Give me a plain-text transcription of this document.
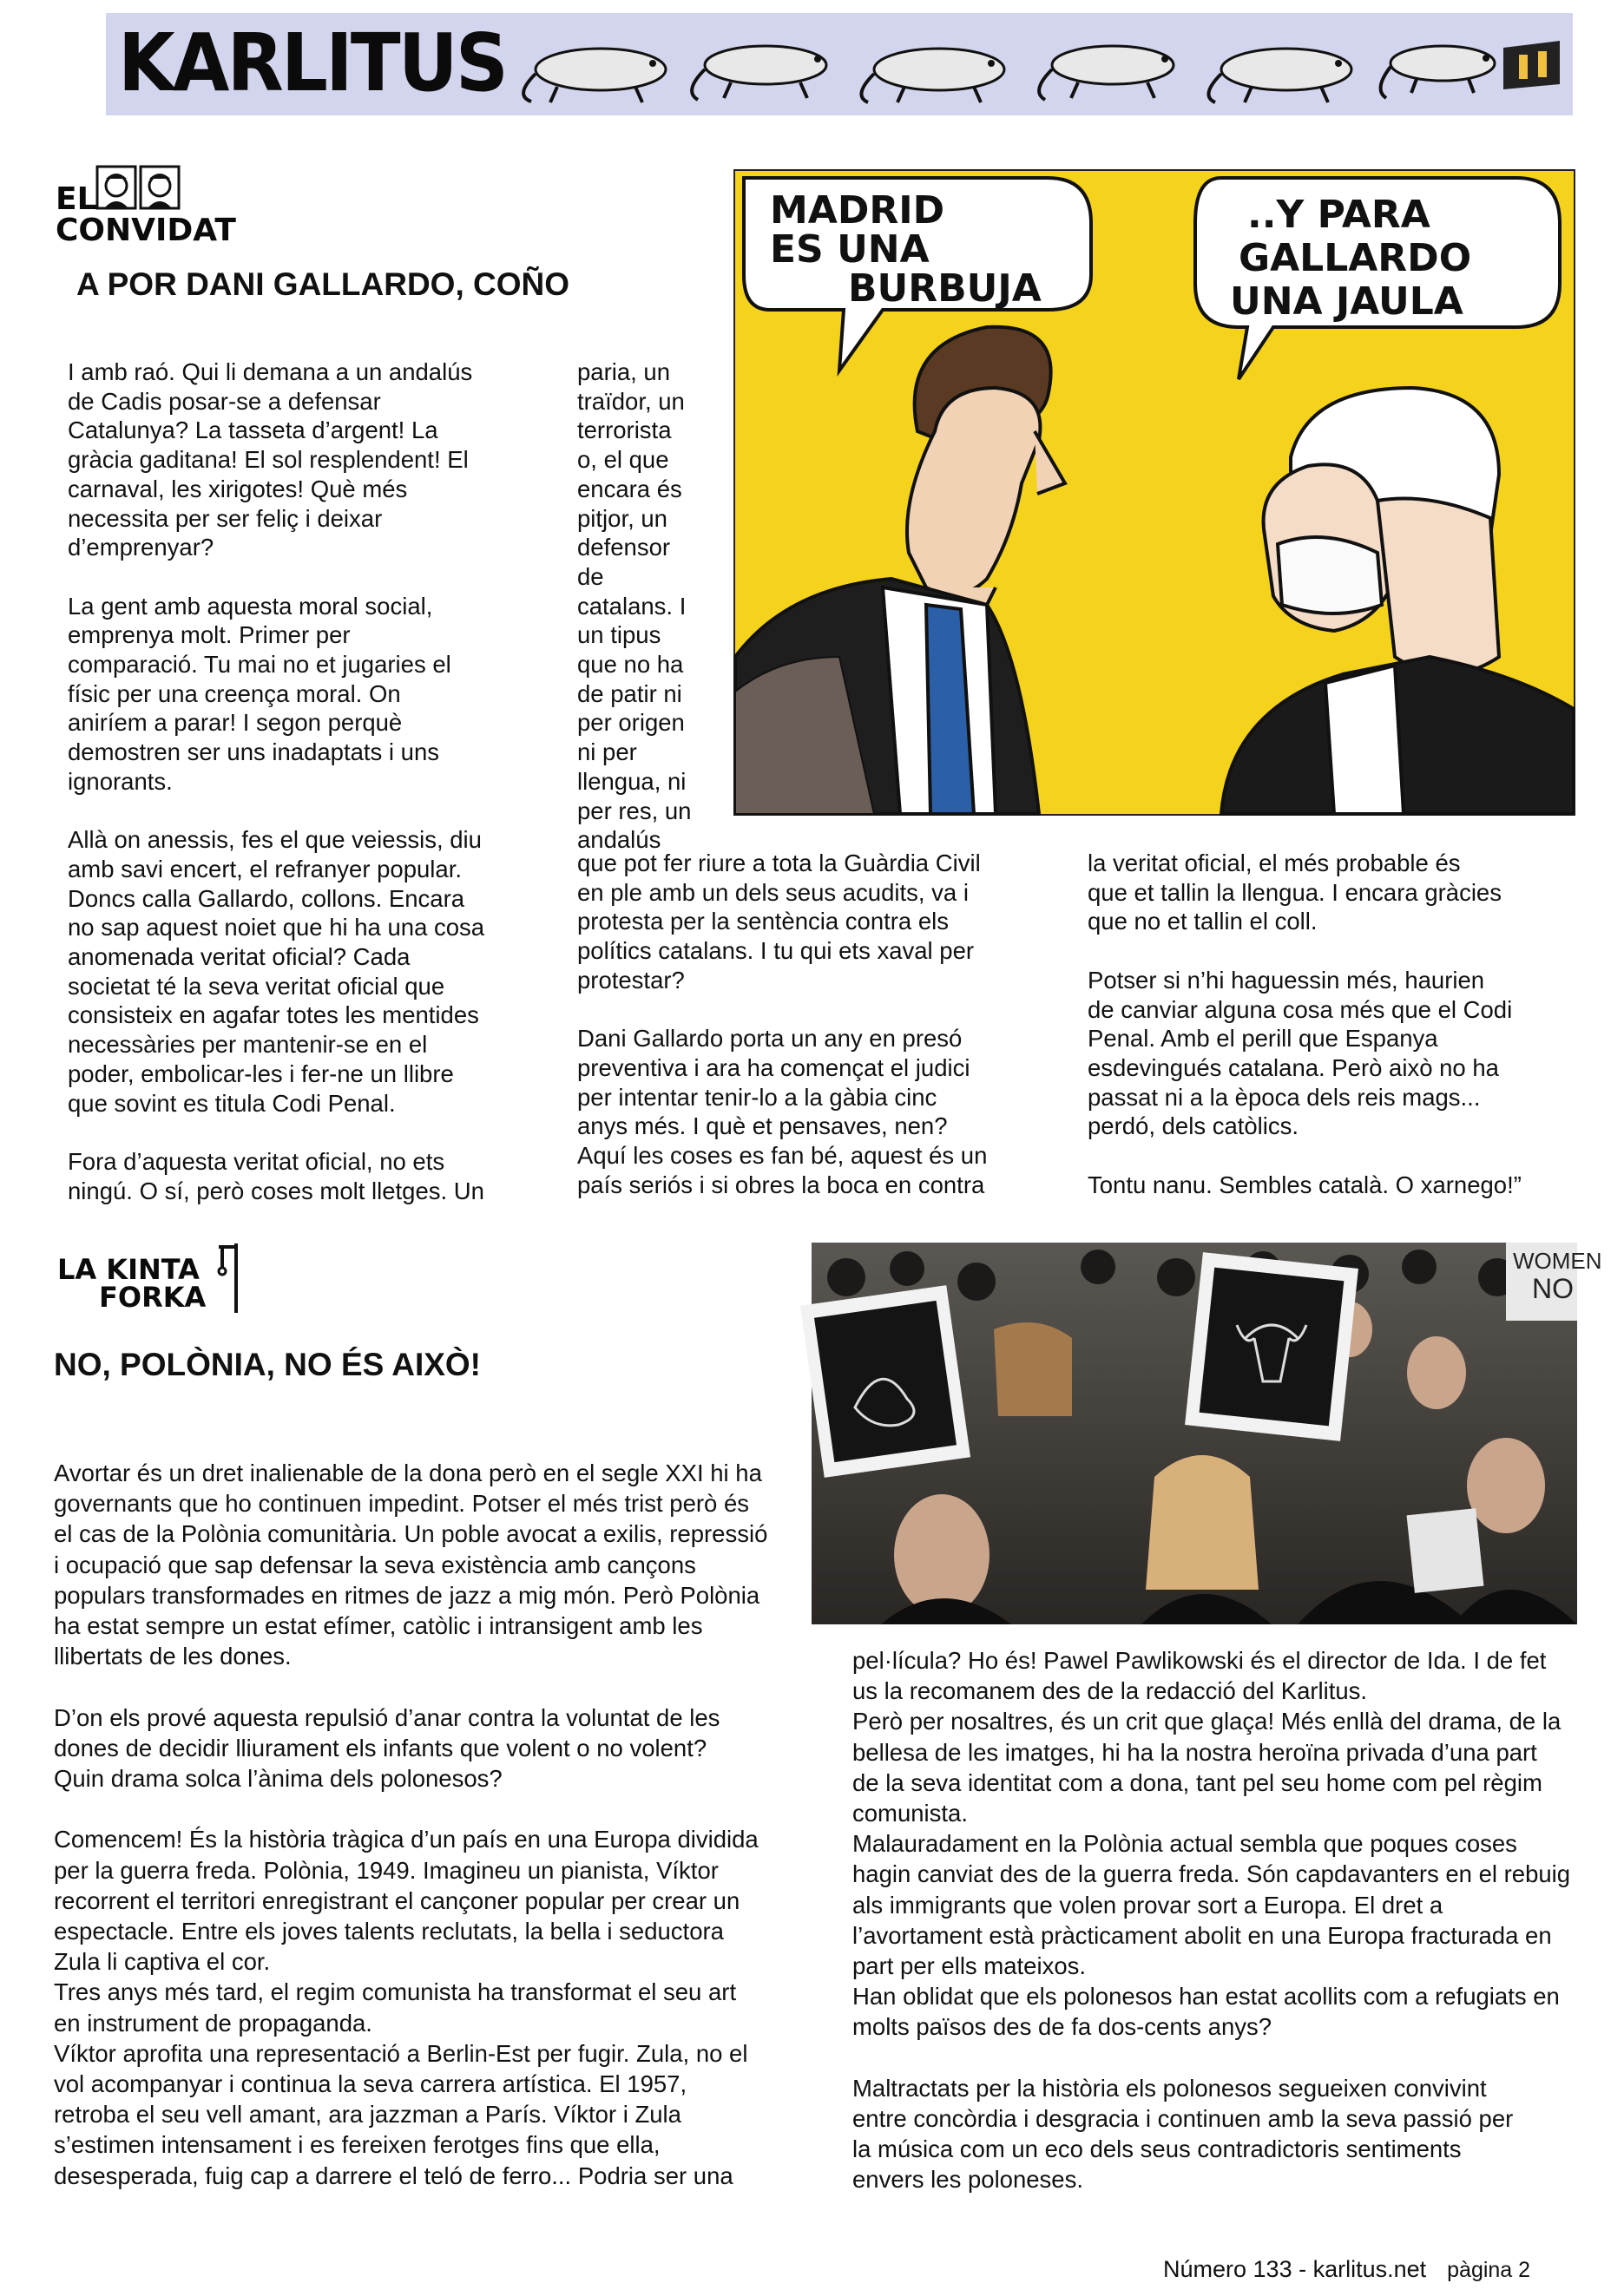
KARLITUS
EL
CONVIDAT
A POR DANI GALLARDO, COÑO

I amb raó. Qui li demana a un andalús
de Cadis posar-se a defensar
Catalunya? La tasseta d’argent! La
gràcia gaditana! El sol resplendent! El
carnaval, les xirigotes! Què més
necessita per ser feliç i deixar
d’emprenyar?

La gent amb aquesta moral social,
emprenya molt. Primer per
comparació. Tu mai no et jugaries el
físic per una creença moral. On
aniríem a parar! I segon perquè
demostren ser uns inadaptats i uns
ignorants.

Allà on anessis, fes el que veiessis, diu
amb savi encert, el refranyer popular.
Doncs calla Gallardo, collons. Encara
no sap aquest noiet que hi ha una cosa
anomenada veritat oficial? Cada
societat té la seva veritat oficial que
consisteix en agafar totes les mentides
necessàries per mantenir-se en el
poder, embolicar-les i fer-ne un llibre
que sovint es titula Codi Penal.

Fora d’aquesta veritat oficial, no ets
ningú. O sí, però coses molt lletges. Un

paria, un
traïdor, un
terrorista
o, el que
encara és
pitjor, un
defensor
de
catalans. I
un tipus
que no ha
de patir ni
per origen
ni per
llengua, ni
per res, un
andalús

que pot fer riure a tota la Guàrdia Civil
en ple amb un dels seus acudits, va i
protesta per la sentència contra els
polítics catalans. I tu qui ets xaval per
protestar?

Dani Gallardo porta un any en presó
preventiva i ara ha començat el judici
per intentar tenir-lo a la gàbia cinc
anys més. I què et pensaves, nen?
Aquí les coses es fan bé, aquest és un
país seriós i si obres la boca en contra

la veritat oficial, el més probable és
que et tallin la llengua. I encara gràcies
que no et tallin el coll.

Potser si n’hi haguessin més, haurien
de canviar alguna cosa més que el Codi
Penal. Amb el perill que Espanya
esdevingués catalana. Però això no ha
passat ni a la època dels reis mags...
perdó, dels catòlics.

Tontu nanu. Sembles català. O xarnego!”

MADRID
ES UNA
BURBUJA
..Y PARA
GALLARDO
UNA JAULA
LA KINTA
FORKA
NO, POLÒNIA, NO ÉS AIXÒ!
WOMEN
NO

Avortar és un dret inalienable de la dona però en el segle XXI hi ha
governants que ho continuen impedint. Potser el més trist però és
el cas de la Polònia comunitària. Un poble avocat a exilis, repressió
i ocupació que sap defensar la seva existència amb cançons
populars transformades en ritmes de jazz a mig món. Però Polònia
ha estat sempre un estat efímer, catòlic i intransigent amb les
llibertats de les dones.

D’on els prové aquesta repulsió d’anar contra la voluntat de les
dones de decidir lliurament els infants que volent o no volent?
Quin drama solca l’ànima dels polonesos?

Comencem! És la història tràgica d’un país en una Europa dividida
per la guerra freda. Polònia, 1949. Imagineu un pianista, Víktor
recorrent el territori enregistrant el cançoner popular per crear un
espectacle. Entre els joves talents reclutats, la bella i seductora
Zula li captiva el cor.
Tres anys més tard, el regim comunista ha transformat el seu art
en instrument de propaganda.
Víktor aprofita una representació a Berlin-Est per fugir. Zula, no el
vol acompanyar i continua la seva carrera artística. El 1957,
retroba el seu vell amant, ara jazzman a París. Víktor i Zula
s’estimen intensament i es fereixen ferotges fins que ella,
desesperada, fuig cap a darrere el teló de ferro... Podria ser una

pel·lícula? Ho és! Pawel Pawlikowski és el director de Ida. I de fet
us la recomanem des de la redacció del Karlitus.
Però per nosaltres, és un crit que glaça! Més enllà del drama, de la
bellesa de les imatges, hi ha la nostra heroïna privada d’una part
de la seva identitat com a dona, tant pel seu home com pel règim
comunista.
Malauradament en la Polònia actual sembla que poques coses
hagin canviat des de la guerra freda. Són capdavanters en el rebuig
als immigrants que volen provar sort a Europa. El dret a
l’avortament està pràcticament abolit en una Europa fracturada en
part per ells mateixos.
Han oblidat que els polonesos han estat acollits com a refugiats en
molts països des de fa dos-cents anys?

Maltractats per la història els polonesos segueixen convivint
entre concòrdia i desgracia i continuen amb la seva passió per
la música com un eco dels seus contradictoris sentiments
envers les poloneses.

Número 133 - karlitus.net pàgina 2
